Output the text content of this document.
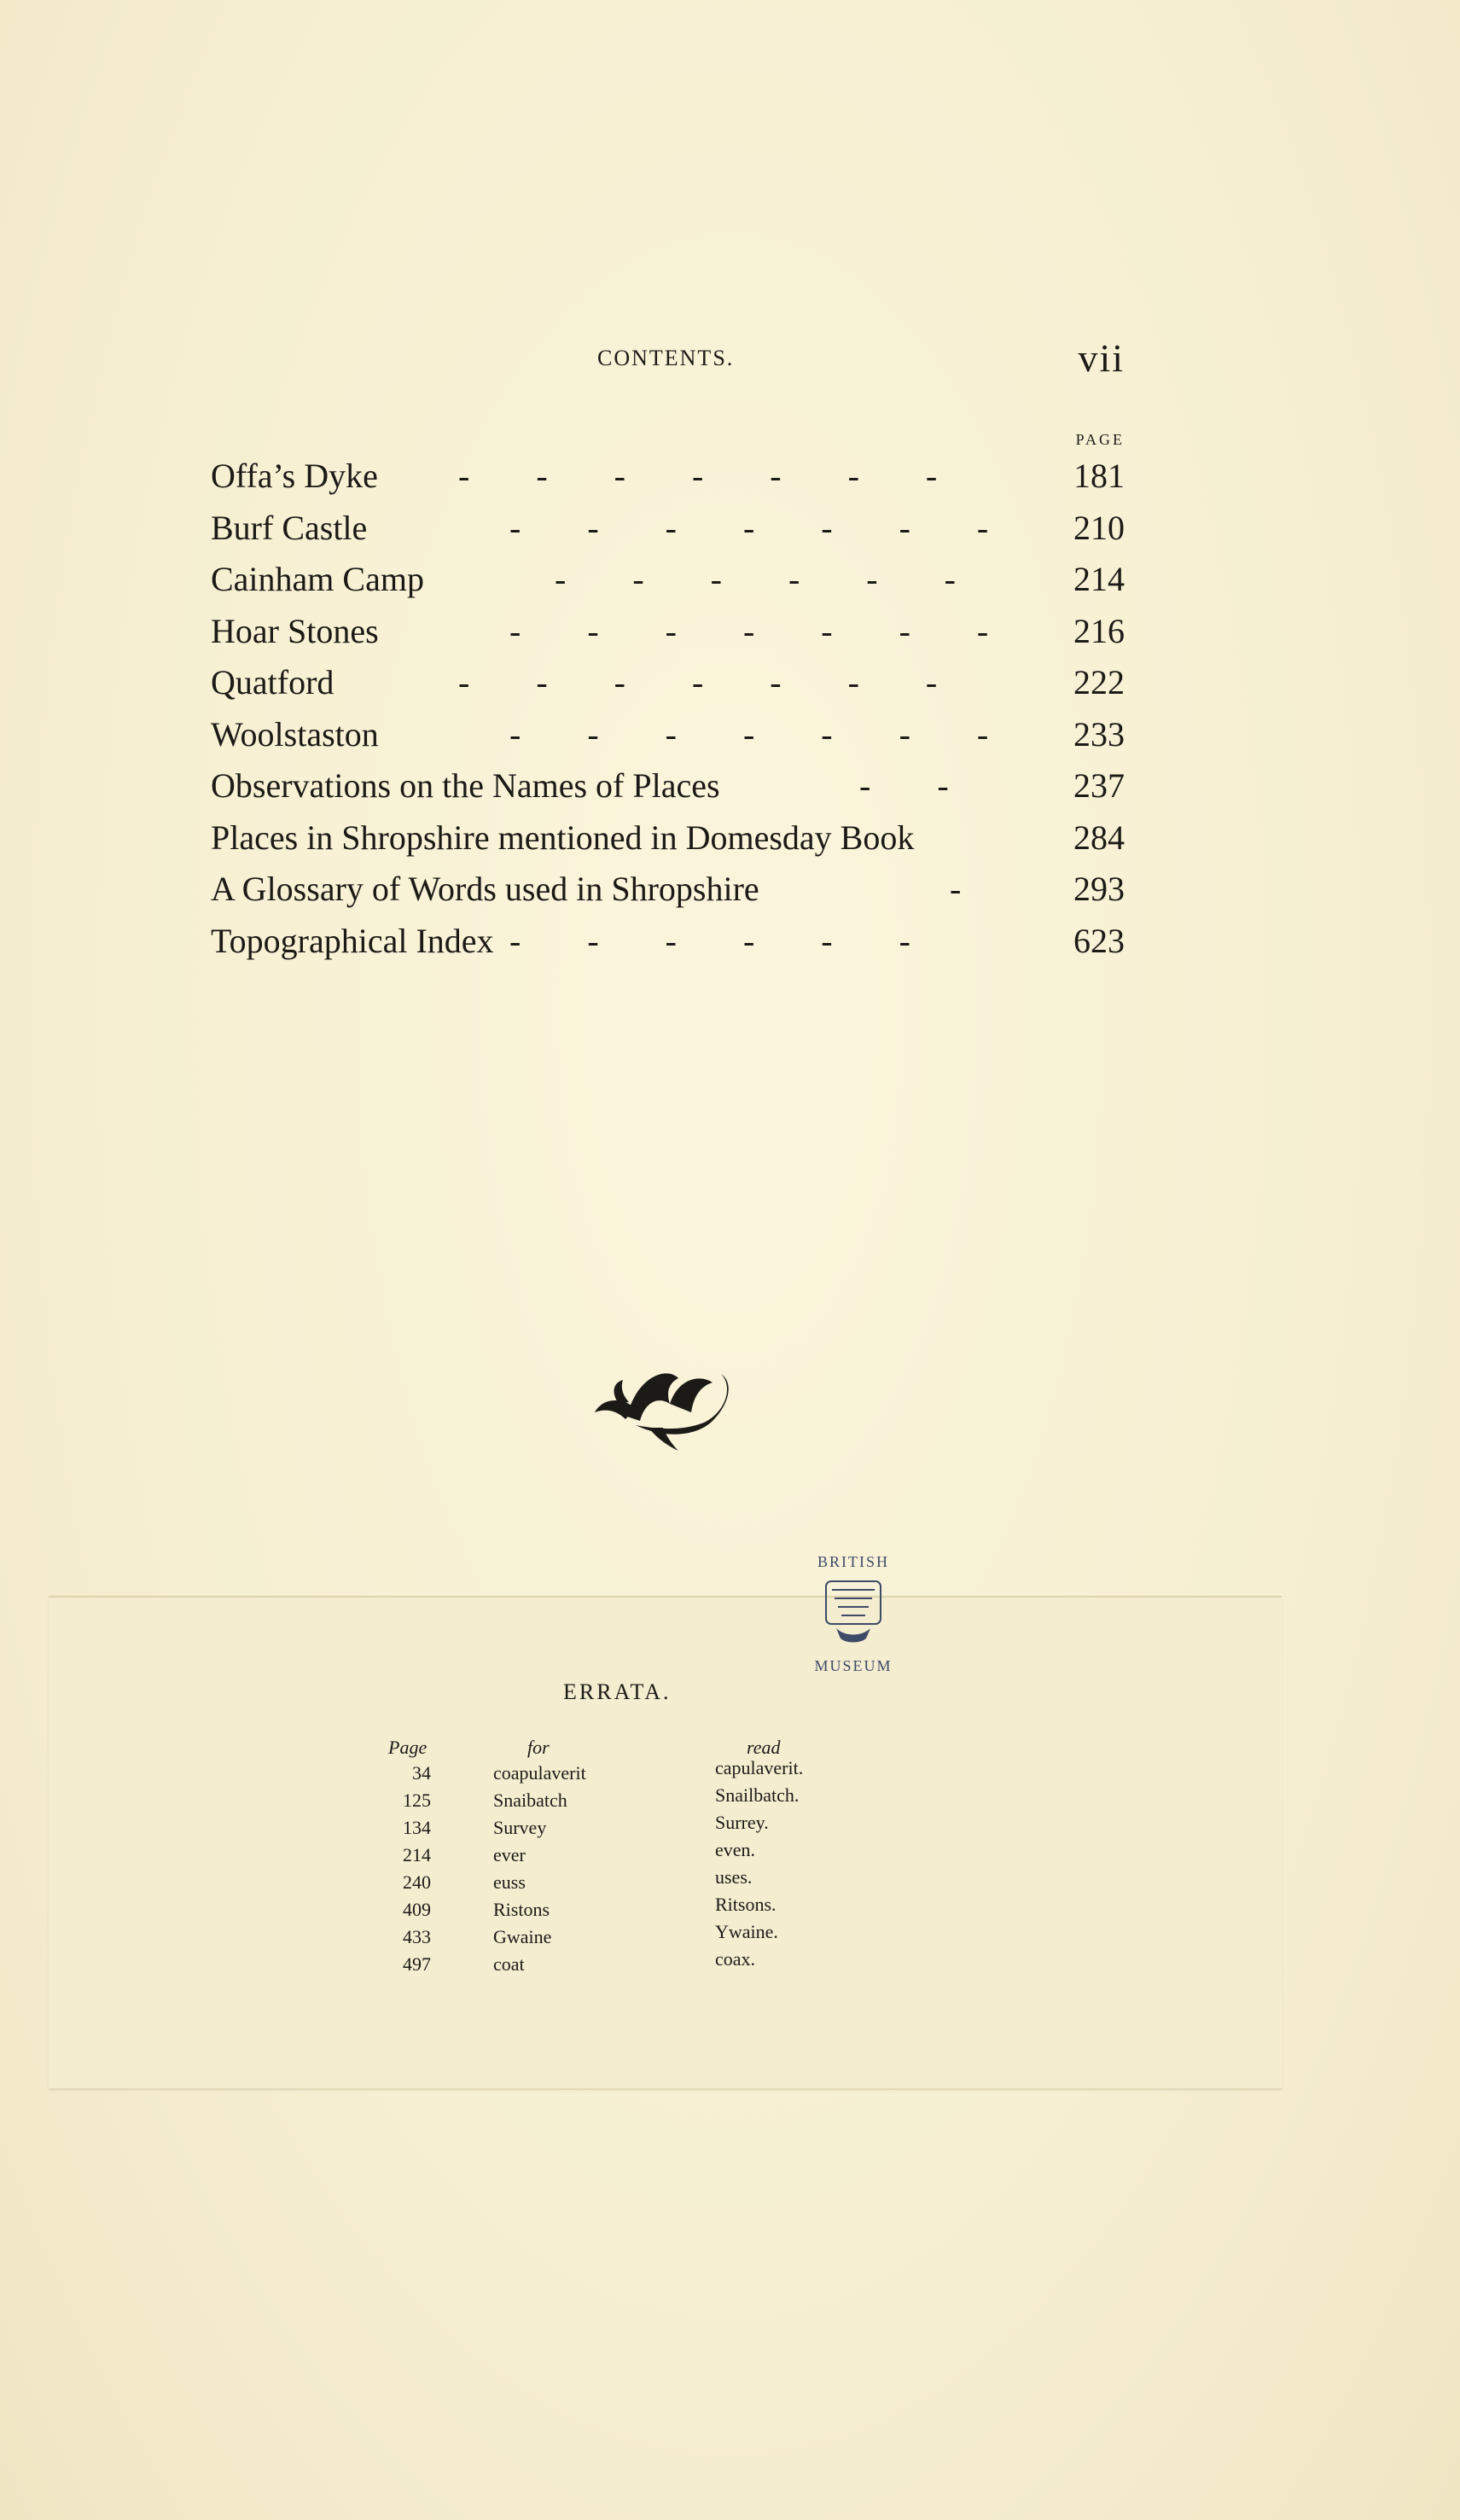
CONTENTS.	vii
PAGE
Offa’s Dyke - - - - - - -	181
Burf Castle	- - - - - - - 210
Cainham Camp	- - - - - -	214
Hoar Stones	- - - - - - - 216
Quatford	- - - - - - -	222
Woolstaston	- - - - - - - 233
Observations on the Names of Places	- -	237
Places in Shropshire mentioned in Domesday Book	284
A Glossary of Words used in Shropshire	- 293
Topographical Index - - - - - -	623
BRITISH
MUSEUM
ERRATA.
Page	for	read
34	coapulaverit	capulaverit.
125	Snaibatch	Snailbatch.
134	Survey	Surrey.
214	ever	even.
240	euss	uses.
409	Ristons	Ritsons.
433	Gwaine	Ywaine.
497	coat	coax.
